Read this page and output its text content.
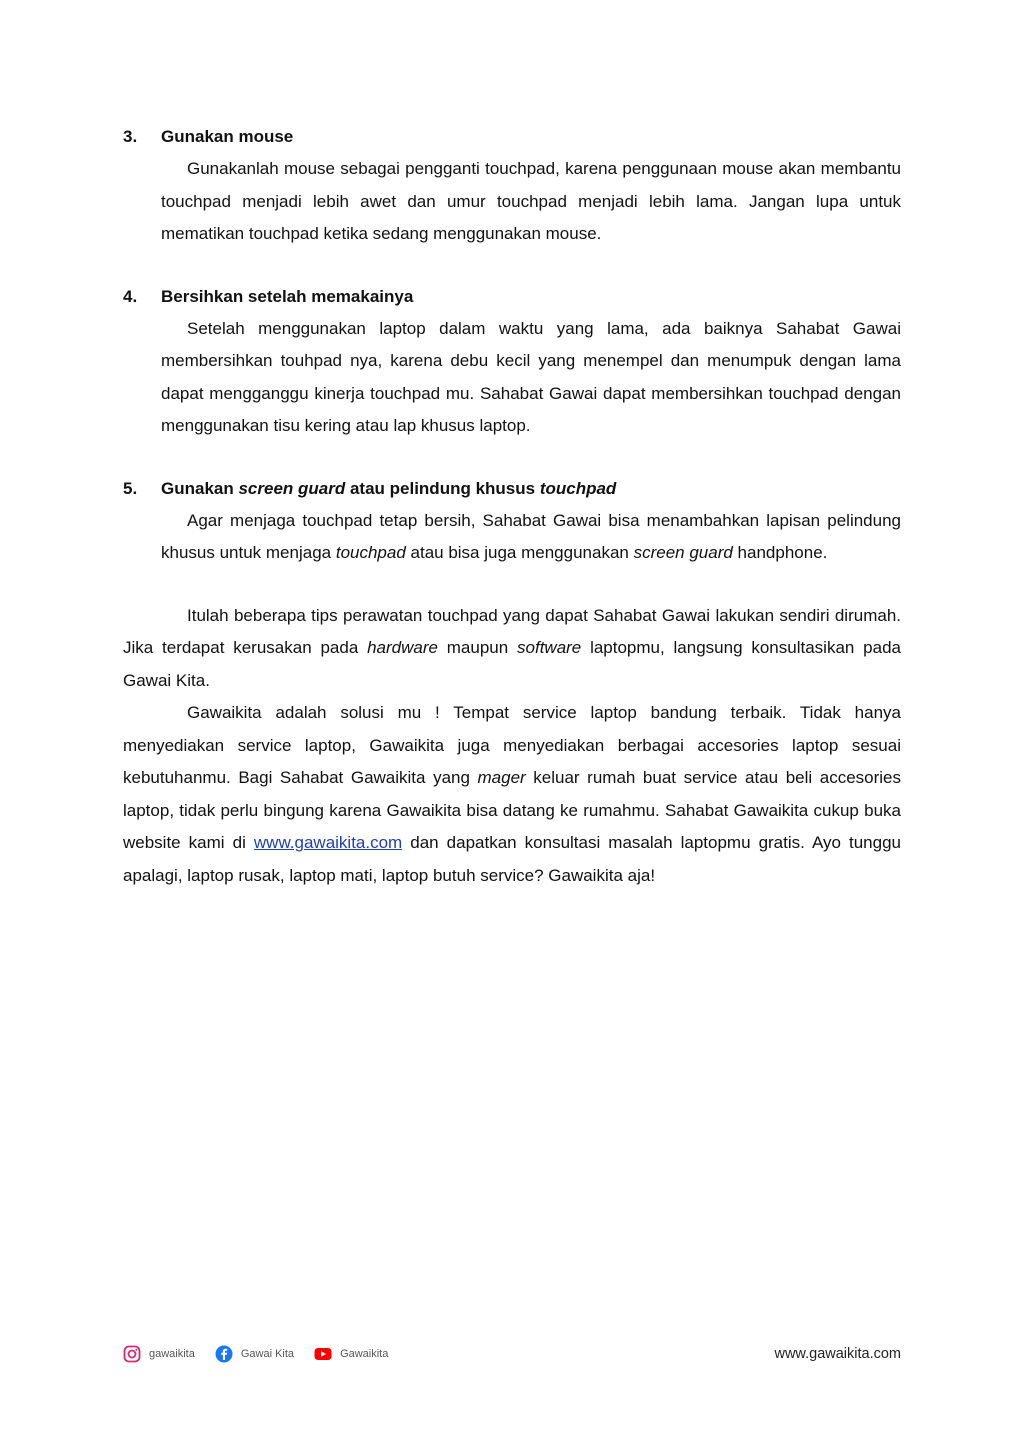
3.	Gunakan mouse
Gunakanlah mouse sebagai pengganti touchpad, karena penggunaan mouse akan membantu touchpad menjadi lebih awet dan umur touchpad menjadi lebih lama. Jangan lupa untuk mematikan touchpad ketika sedang menggunakan mouse.
4.	Bersihkan setelah memakainya
Setelah menggunakan laptop dalam waktu yang lama, ada baiknya Sahabat Gawai membersihkan touhpad nya, karena debu kecil yang menempel dan menumpuk dengan lama dapat mengganggu kinerja touchpad mu. Sahabat Gawai dapat membersihkan touchpad dengan menggunakan tisu kering atau lap khusus laptop.
5.	Gunakan screen guard atau pelindung khusus touchpad
Agar menjaga touchpad tetap bersih, Sahabat Gawai bisa menambahkan lapisan pelindung khusus untuk menjaga touchpad atau bisa juga menggunakan screen guard handphone.

Itulah beberapa tips perawatan touchpad yang dapat Sahabat Gawai lakukan sendiri dirumah. Jika terdapat kerusakan pada hardware maupun software laptopmu, langsung konsultasikan pada Gawai Kita.

Gawaikita adalah solusi mu ! Tempat service laptop bandung terbaik. Tidak hanya menyediakan service laptop, Gawaikita juga menyediakan berbagai accesories laptop sesuai kebutuhanmu. Bagi Sahabat Gawaikita yang mager keluar rumah buat service atau beli accesories laptop, tidak perlu bingung karena Gawaikita bisa datang ke rumahmu. Sahabat Gawaikita cukup buka website kami di www.gawaikita.com dan dapatkan konsultasi masalah laptopmu gratis. Ayo tunggu apalagi, laptop rusak, laptop mati, laptop butuh service? Gawaikita aja!

gawaikita	Gawai Kita	Gawaikita	www.gawaikita.com
